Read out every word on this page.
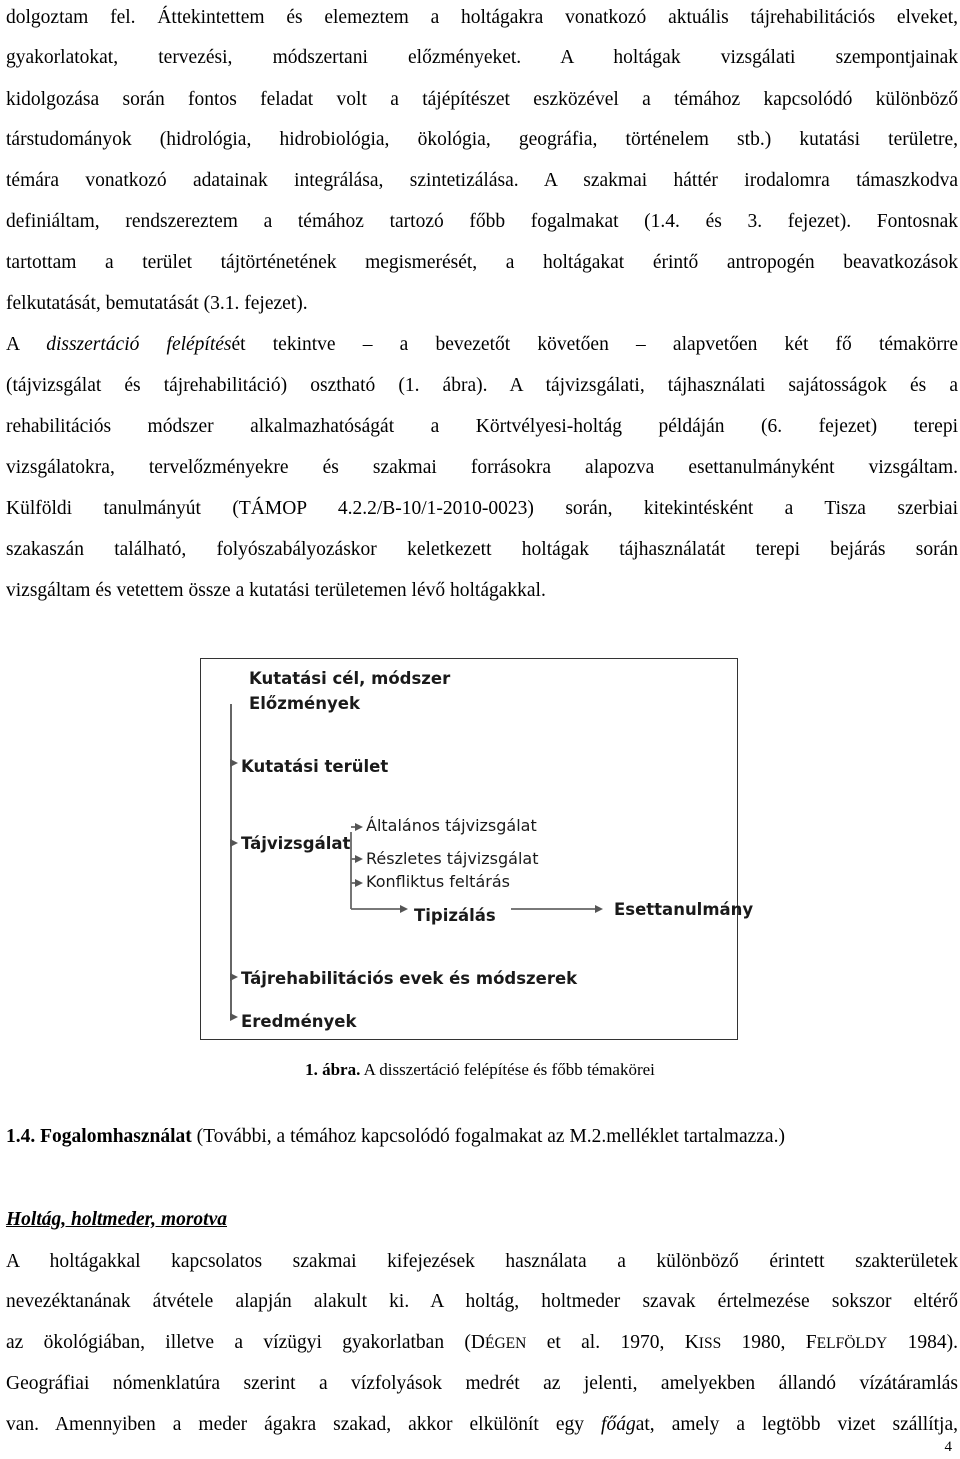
dolgoztam fel. Áttekintettem és elemeztem a holtágakra vonatkozó aktuális tájrehabilitációs elveket,
gyakorlatokat, tervezési, módszertani előzményeket. A holtágak vizsgálati szempontjainak
kidolgozása során fontos feladat volt a tájépítészet eszközével a témához kapcsolódó különböző
társtudományok (hidrológia, hidrobiológia, ökológia, geográfia, történelem stb.) kutatási területre,
témára vonatkozó adatainak integrálása, szintetizálása. A szakmai háttér irodalomra támaszkodva
definiáltam, rendszereztem a témához tartozó főbb fogalmakat (1.4. és 3. fejezet). Fontosnak
tartottam a terület tájtörténetének megismerését, a holtágakat érintő antropogén beavatkozások
felkutatását, bemutatását (3.1. fejezet).
A disszertáció felépítését tekintve – a bevezetőt követően – alapvetően két fő témakörre
(tájvizsgálat és tájrehabilitáció) osztható (1. ábra). A tájvizsgálati, tájhasználati sajátosságok és a
rehabilitációs módszer alkalmazhatóságát a Körtvélyesi-holtág példáján (6. fejezet) terepi
vizsgálatokra, tervelőzményekre és szakmai forrásokra alapozva esettanulmányként vizsgáltam.
Külföldi tanulmányút (TÁMOP 4.2.2/B-10/1-2010-0023) során, kitekintésként a Tisza szerbiai
szakaszán található, folyószabályozáskor keletkezett holtágak tájhasználatát terepi bejárás során
vizsgáltam és vetettem össze a kutatási területemen lévő holtágakkal.
Kutatási cél, módszer
Előzmények
Kutatási terület
Tájvizsgálat
Általános tájvizsgálat
Részletes tájvizsgálat
Konfliktus feltárás
Tipizálás	Esettanulmány
Tájrehabilitációs evek és módszerek
Eredmények
1. ábra. A disszertáció felépítése és főbb témakörei
1.4. Fogalomhasználat (További, a témához kapcsolódó fogalmakat az M.2.melléklet tartalmazza.)
Holtág, holtmeder, morotva
A holtágakkal kapcsolatos szakmai kifejezések használata a különböző érintett szakterületek
nevezéktanának átvétele alapján alakult ki. A holtág, holtmeder szavak értelmezése sokszor eltérő
az ökológiában, illetve a vízügyi gyakorlatban (DÉGEN et al. 1970, KISS 1980, FELFÖLDY 1984).
Geográfiai nómenklatúra szerint a vízfolyások medrét az jelenti, amelyekben állandó vízátáramlás
van. Amennyiben a meder ágakra szakad, akkor elkülönít egy főágat, amely a legtöbb vizet szállítja,
4
